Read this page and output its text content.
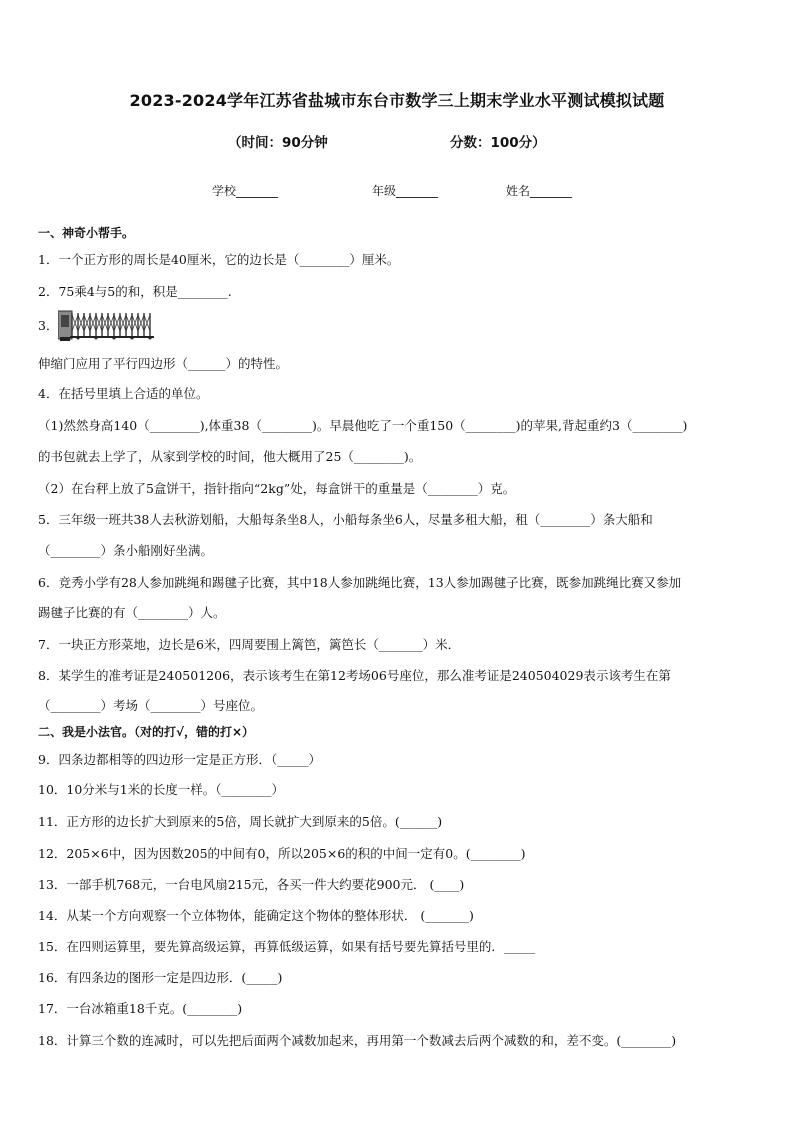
2023-2024学年江苏省盐城市东台市数学三上期末学业水平测试模拟试题
（时间：90分钟	分数：100分）
学校_______	年级_______	姓名_______
一、神奇小帮手。
1．一个正方形的周长是40厘米，它的边长是（________）厘米。
2．75乘4与5的和，积是________.
3．
伸缩门应用了平行四边形（______）的特性。
4．在括号里填上合适的单位。
（1)然然身高140（________),体重38（________)。早晨他吃了一个重150（________)的苹果,背起重约3（________)
的书包就去上学了，从家到学校的时间，他大概用了25（________)。
（2）在台秤上放了5盒饼干，指针指向“2kg”处，每盒饼干的重量是（________）克。
5．三年级一班共38人去秋游划船，大船每条坐8人，小船每条坐6人，尽量多租大船，租（________）条大船和
（________）条小船刚好坐满。
6．竞秀小学有28人参加跳绳和踢毽子比赛，其中18人参加跳绳比赛，13人参加踢毽子比赛，既参加跳绳比赛又参加
踢毽子比赛的有（________）人。
7．一块正方形菜地，边长是6米，四周要围上篱笆，篱笆长（_______）米．
8．某学生的准考证是240501206，表示该考生在第12考场06号座位，那么准考证是240504029表示该考生在第
（________）考场（________）号座位。
二、我是小法官。（对的打√，错的打×）
9．四条边都相等的四边形一定是正方形．（_____）
10．10分米与1米的长度一样。（________）
11．正方形的边长扩大到原来的5倍，周长就扩大到原来的5倍。(______)
12．205×6中，因为因数205的中间有0，所以205×6的积的中间一定有0。(________)
13．一部手机768元，一台电风扇215元，各买一件大约要花900元． (____)
14．从某一个方向观察一个立体物体，能确定这个物体的整体形状． (_______)
15．在四则运算里，要先算高级运算，再算低级运算，如果有括号要先算括号里的．_____
16．有四条边的图形一定是四边形．(_____)
17．一台冰箱重18千克。(________)
18．计算三个数的连减时，可以先把后面两个减数加起来，再用第一个数减去后两个减数的和，差不变。(________)
